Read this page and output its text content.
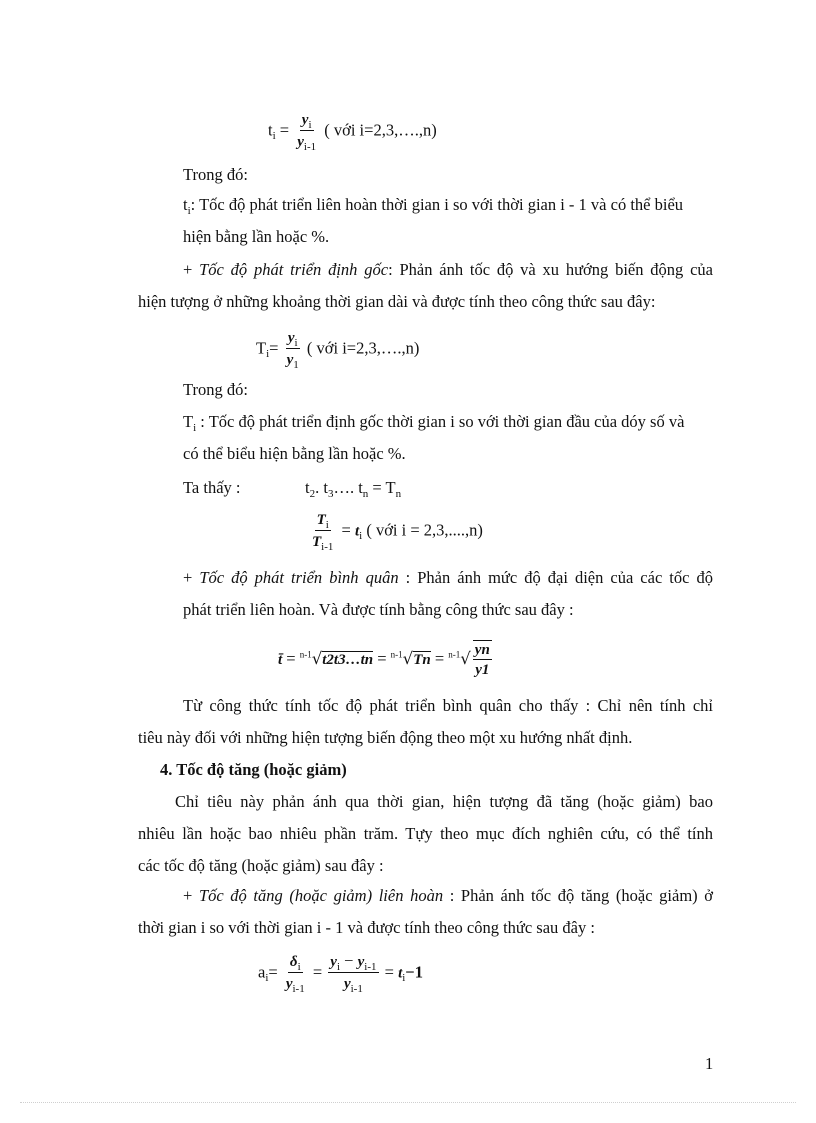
$t_i = \frac{y_i}{y_{i-1}}$ ( với i=2,3,….,n)
Trong đó:
$t_i$: Tốc độ phát triển liên hoàn thời gian i so với thời gian i - 1 và có thể biểu
hiện bằng lần hoặc %.
+ Tốc độ phát triển định gốc: Phản ánh tốc độ và xu hướng biến động của
hiện tượng ở những khoảng thời gian dài và được tính theo công thức sau đây:
$T_i= \frac{y_i}{y_1}$ ( với i=2,3,….,n)
Trong đó:
$T_i$ : Tốc độ phát triển định gốc thời gian i so với thời gian đầu của dóy số và
có thể biểu hiện bằng lần hoặc %.
Ta thấy :	$t_2$. $t_3\dots$. $t_n = T_n$
$\frac{T_i}{T_{i-1}} = t_i$ ( với i = 2,3,....,n)
+ Tốc độ phát triển bình quân : Phản ánh mức độ đại diện của các tốc độ
phát triển liên hoàn. Và được tính bằng công thức sau đây :
t̄ = $^{n-1}$√t2t3…tn = $^{n-1}√Tn = ^{n-1}√ \frac{yn}{y1}$
Từ công thức tính tốc độ phát triển bình quân cho thấy : Chỉ nên tính chỉ
tiêu này đối với những hiện tượng biến động theo một xu hướng nhất định.
4. Tốc độ tăng (hoặc giảm)
Chỉ tiêu này phản ánh qua thời gian, hiện tượng đã tăng (hoặc giảm) bao
nhiêu lần hoặc bao nhiêu phần trăm. Tựy theo mục đích nghiên cứu, có thể tính
các tốc độ tăng (hoặc giảm) sau đây :
+ Tốc độ tăng (hoặc giảm) liên hoàn : Phản ánh tốc độ tăng (hoặc giảm) ở
thời gian i so với thời gian i - 1 và được tính theo công thức sau đây :
$a_i= \frac{\delta_i}{y_{i-1}} = \frac{y_i - y_{i-1}}{y_{i-1}} = t_i-1$
1
